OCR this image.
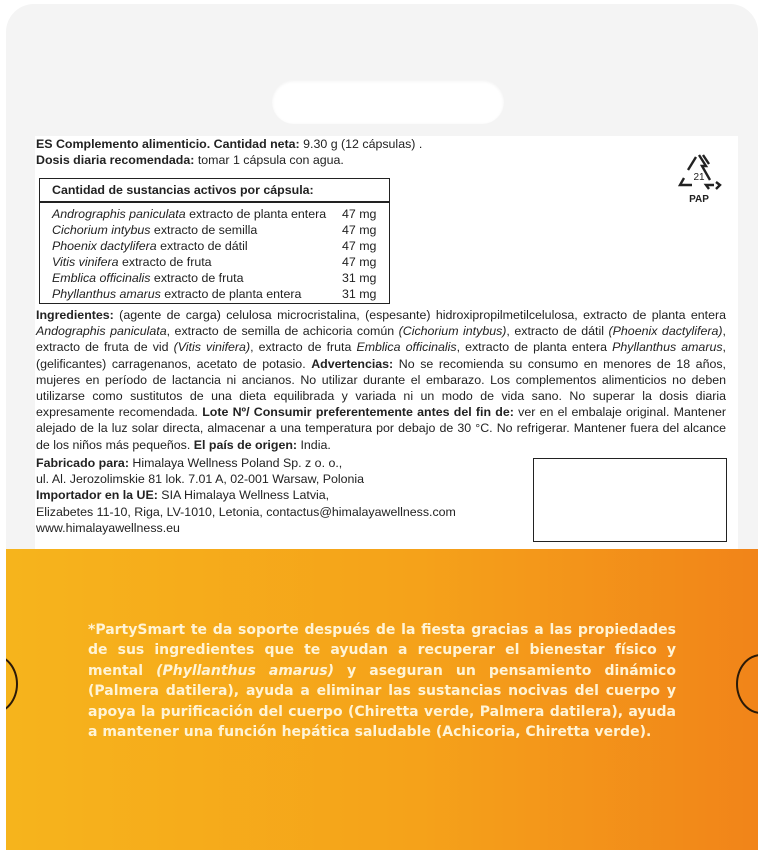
ES Complemento alimenticio. Cantidad neta: 9.30 g (12 cápsulas) .
Dosis diaria recomendada: tomar 1 cápsula con agua.
Cantidad de sustancias activos por cápsula:
Andrographis paniculata extracto de planta entera 47 mg
Cichorium intybus extracto de semilla	47 mg
Phoenix dactylifera extracto de dátil	47 mg
Vitis vinifera extracto de fruta	47 mg
Emblica officinalis extracto de fruta	31 mg
Phyllanthus amarus extracto de planta entera	31 mg
21
PAP
Ingredientes: (agente de carga) celulosa microcristalina, (espesante) hidroxipropilmetilcelulosa, extracto de planta entera Andographis paniculata, extracto de semilla de achicoria común (Cichorium intybus), extracto de dátil (Phoenix dactylifera), extracto de fruta de vid (Vitis vinifera), extracto de fruta Emblica officinalis, extracto de planta entera Phyllanthus amarus, (gelificantes) carragenanos, acetato de potasio. Advertencias: No se recomienda su consumo en menores de 18 años, mujeres en período de lactancia ni ancianos. No utilizar durante el embarazo. Los complementos alimenticios no deben utilizarse como sustitutos de una dieta equilibrada y variada ni un modo de vida sano. No superar la dosis diaria expresamente recomendada. Lote Nº/ Consumir preferentemente antes del fin de: ver en el embalaje original. Mantener alejado de la luz solar directa, almacenar a una temperatura por debajo de 30 °C. No refrigerar. Mantener fuera del alcance de los niños más pequeños. El país de origen: India.
Fabricado para: Himalaya Wellness Poland Sp. z o. o.,
ul. Al. Jerozolimskie 81 lok. 7.01 A, 02-001 Warsaw, Polonia
Importador en la UE: SIA Himalaya Wellness Latvia,
Elizabetes 11-10, Riga, LV-1010, Letonia, contactus@himalayawellness.com
www.himalayawellness.eu
*PartySmart te da soporte después de la fiesta gracias a las propiedades de sus ingredientes que te ayudan a recuperar el bienestar físico y mental (Phyllanthus amarus) y aseguran un pensamiento dinámico (Palmera datilera), ayuda a eliminar las sustancias nocivas del cuerpo y apoya la purificación del cuerpo (Chiretta verde, Palmera datilera), ayuda a mantener una función hepática saludable (Achicoria, Chiretta verde).
